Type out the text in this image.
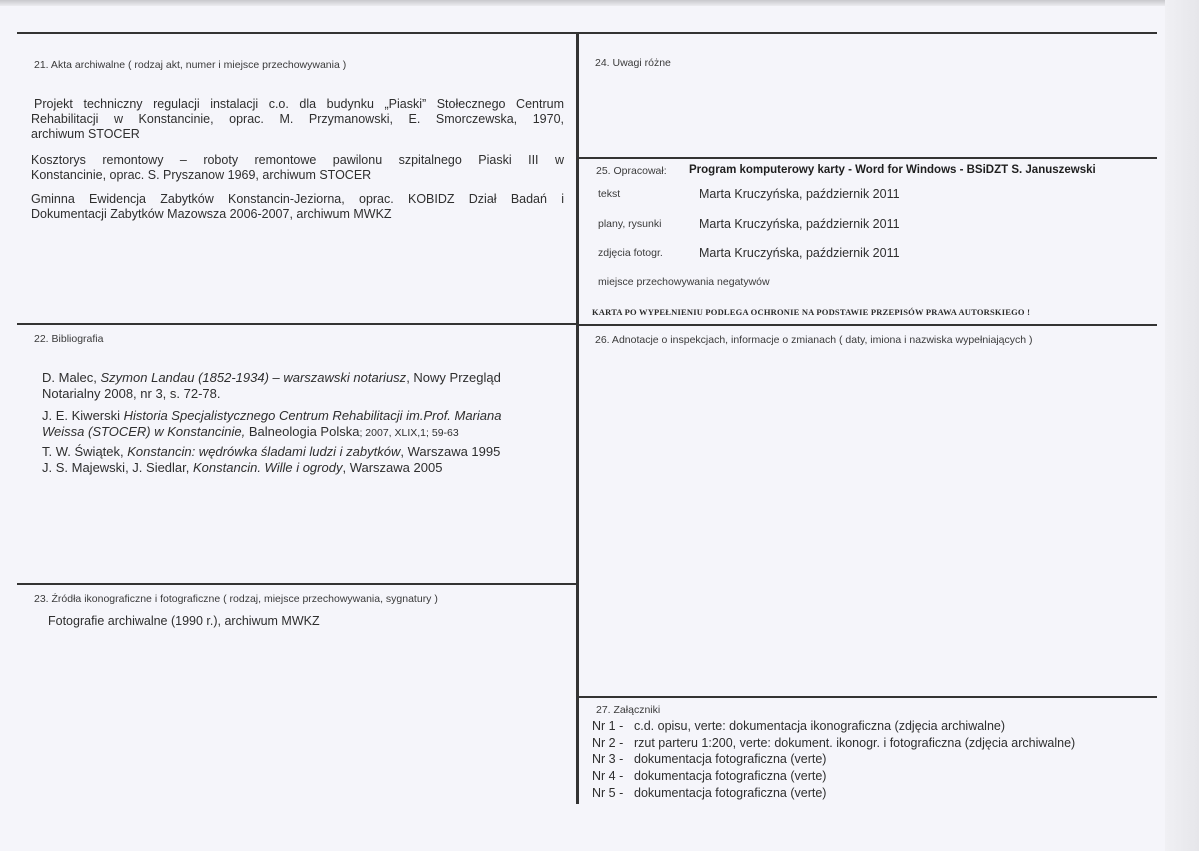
21. Akta archiwalne ( rodzaj akt, numer i miejsce przechowywania )
Projekt techniczny regulacji instalacji c.o. dla budynku „Piaski” Stołecznego Centrum
Rehabilitacji w Konstancinie, oprac. M. Przymanowski, E. Smorczewska, 1970,
archiwum STOCER
Kosztorys remontowy – roboty remontowe pawilonu szpitalnego Piaski III w
Konstancinie, oprac. S. Pryszanow 1969, archiwum STOCER
Gminna Ewidencja Zabytków Konstancin-Jeziorna, oprac. KOBIDZ Dział Badań i
Dokumentacji Zabytków Mazowsza 2006-2007, archiwum MWKZ
22. Bibliografia
D. Malec, Szymon Landau (1852-1934) – warszawski notariusz, Nowy Przegląd
Notarialny 2008, nr 3, s. 72-78.
J. E. Kiwerski Historia Specjalistycznego Centrum Rehabilitacji im.Prof. Mariana
Weissa (STOCER) w Konstancinie, Balneologia Polska; 2007, XLIX,1; 59-63
T. W. Świątek, Konstancin: wędrówka śladami ludzi i zabytków, Warszawa 1995
J. S. Majewski, J. Siedlar, Konstancin. Wille i ogrody, Warszawa 2005
23. Źródła ikonograficzne i fotograficzne ( rodzaj, miejsce przechowywania, sygnatury )
Fotografie archiwalne (1990 r.), archiwum MWKZ
24. Uwagi różne
25. Opracował: Program komputerowy karty - Word for Windows - BSiDZT S. Januszewski
tekst	Marta Kruczyńska, październik 2011
plany, rysunki	Marta Kruczyńska, październik 2011
zdjęcia fotogr.	Marta Kruczyńska, październik 2011
miejsce przechowywania negatywów
KARTA PO WYPEŁNIENIU PODLEGA OCHRONIE NA PODSTAWIE PRZEPISÓW PRAWA AUTORSKIEGO !
26. Adnotacje o inspekcjach, informacje o zmianach ( daty, imiona i nazwiska wypełniających )
27. Załączniki
Nr 1 - c.d. opisu, verte: dokumentacja ikonograficzna (zdjęcia archiwalne)
Nr 2 - rzut parteru 1:200, verte: dokument. ikonogr. i fotograficzna (zdjęcia archiwalne)
Nr 3 - dokumentacja fotograficzna (verte)
Nr 4 - dokumentacja fotograficzna (verte)
Nr 5 - dokumentacja fotograficzna (verte)
